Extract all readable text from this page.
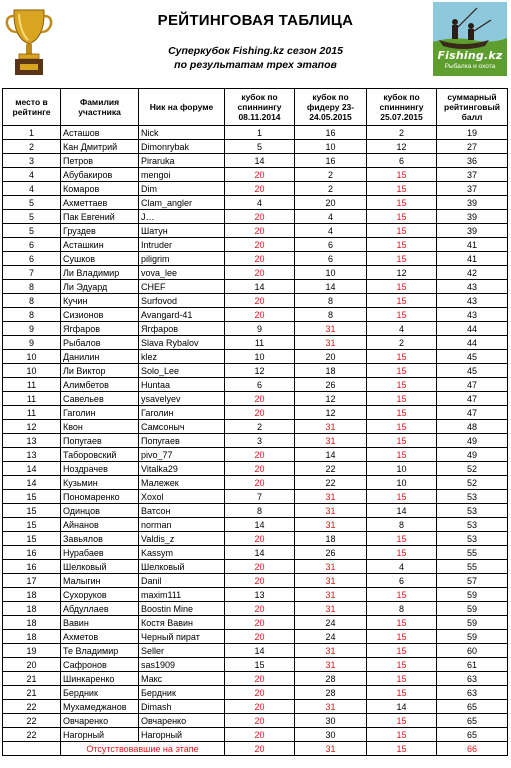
РЕЙТИНГОВАЯ ТАБЛИЦА
Суперкубок Fishing.kz сезон 2015
по результатам трех этапов
Fishing.kz
Рыбалка и охота
место в рейтинге	Фамилия участника	Ник на форуме	кубок по спиннингу 08.11.2014	кубок по фидеру 23-24.05.2015	кубок по спиннингу 25.07.2015	суммарный рейтинговый балл
1	Асташов	Nick	1	16	2	19
2	Кан Дмитрий	Dimonrybak	5	10	12	27
3	Петров	Piraruka	14	16	6	36
4	Абубакиров	mengoi	20	2	15	37
4	Комаров	Dim	20	2	15	37
5	Ахметтаев	Clam_angler	4	20	15	39
5	Пак Евгений	J…	20	4	15	39
5	Груздев	Шатун	20	4	15	39
6	Асташкин	Intruder	20	6	15	41
6	Сушков	piligrim	20	6	15	41
7	Ли Владимир	vova_lee	20	10	12	42
8	Ли Эдуард	CHEF	14	14	15	43
8	Кучин	Surfovod	20	8	15	43
8	Сизионов	Avangard-41	20	8	15	43
9	Ягфаров	Ягфаров	9	31	4	44
9	Рыбалов	Slava Rybalov	11	31	2	44
10	Данилин	klez	10	20	15	45
10	Ли Виктор	Solo_Lee	12	18	15	45
11	Алимбетов	Huntaa	6	26	15	47
11	Савельев	ysavelyev	20	12	15	47
11	Гаголин	Гаголин	20	12	15	47
12	Квон	Самсоныч	2	31	15	48
13	Попугаев	Попугаев	3	31	15	49
13	Таборовский	pivo_77	20	14	15	49
14	Ноздрачев	Vitalka29	20	22	10	52
14	Кузьмин	Малежек	20	22	10	52
15	Пономаренко	Xoxol	7	31	15	53
15	Одинцов	Ватсон	8	31	14	53
15	Айнанов	norman	14	31	8	53
15	Завьялов	Valdis_z	20	18	15	53
16	Нурабаев	Kassym	14	26	15	55
16	Шелковый	Шелковый	20	31	4	55
17	Малыгин	Danil	20	31	6	57
18	Сухоруков	maxim111	13	31	15	59
18	Абдуллаев	Boostin Mine	20	31	8	59
18	Вавин	Костя Вавин	20	24	15	59
18	Ахметов	Черный пират	20	24	15	59
19	Те Владимир	Seller	14	31	15	60
20	Сафронов	sas1909	15	31	15	61
21	Шинкаренко	Макс	20	28	15	63
21	Бердник	Бердник	20	28	15	63
22	Мухамеджанов	Dimash	20	31	14	65
22	Овчаренко	Овчаренко	20	30	15	65
22	Нагорный	Нагорный	20	30	15	65
	Отсутствовавшие на этапе		20	31	15	66
